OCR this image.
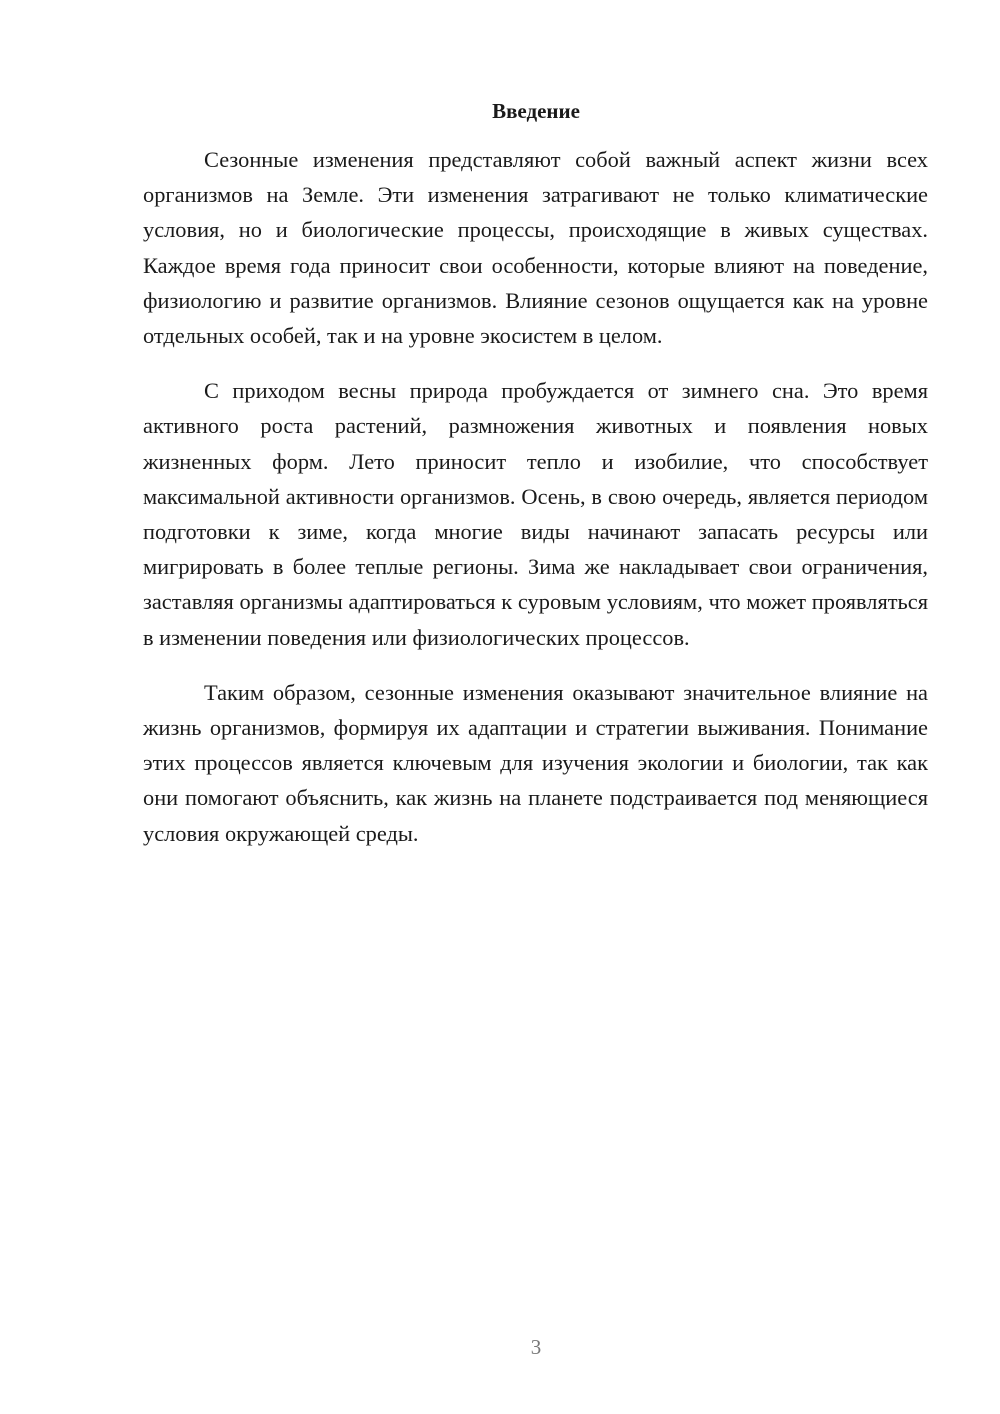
Введение

Сезонные изменения представляют собой важный аспект жизни всех организмов на Земле. Эти изменения затрагивают не только климатические условия, но и биологические процессы, происходящие в живых существах. Каждое время года приносит свои особенности, которые влияют на поведение, физиологию и развитие организмов. Влияние сезонов ощущается как на уровне отдельных особей, так и на уровне экосистем в целом.

С приходом весны природа пробуждается от зимнего сна. Это время активного роста растений, размножения животных и появления новых жизненных форм. Лето приносит тепло и изобилие, что способствует максимальной активности организмов. Осень, в свою очередь, является периодом подготовки к зиме, когда многие виды начинают запасать ресурсы или мигрировать в более теплые регионы. Зима же накладывает свои ограничения, заставляя организмы адаптироваться к суровым условиям, что может проявляться в изменении поведения или физиологических процессов.

Таким образом, сезонные изменения оказывают значительное влияние на жизнь организмов, формируя их адаптации и стратегии выживания. Понимание этих процессов является ключевым для изучения экологии и биологии, так как они помогают объяснить, как жизнь на планете подстраивается под меняющиеся условия окружающей среды.

3
